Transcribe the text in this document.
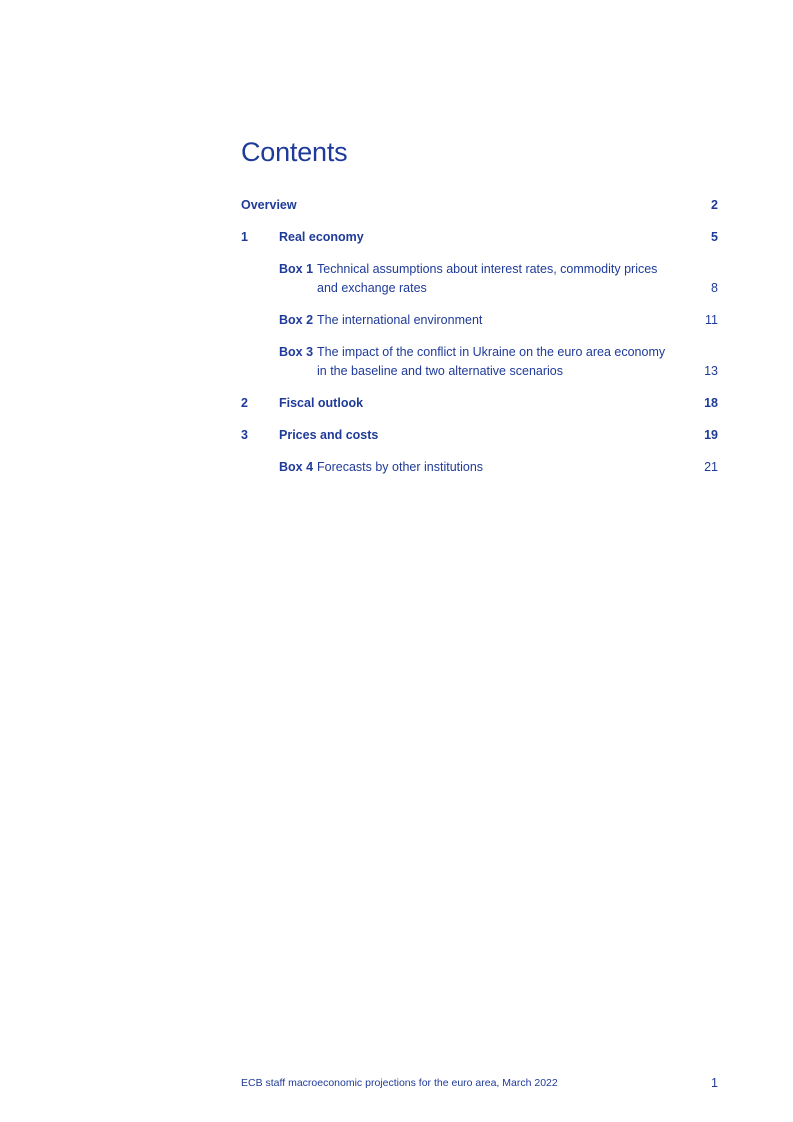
Contents
Overview	2
1 Real economy	5
Box 1 Technical assumptions about interest rates, commodity prices
and exchange rates	8
Box 2 The international environment	11
Box 3 The impact of the conflict in Ukraine on the euro area economy
in the baseline and two alternative scenarios	13
2 Fiscal outlook	18
3 Prices and costs	19
Box 4 Forecasts by other institutions	21
ECB staff macroeconomic projections for the euro area, March 2022	1
